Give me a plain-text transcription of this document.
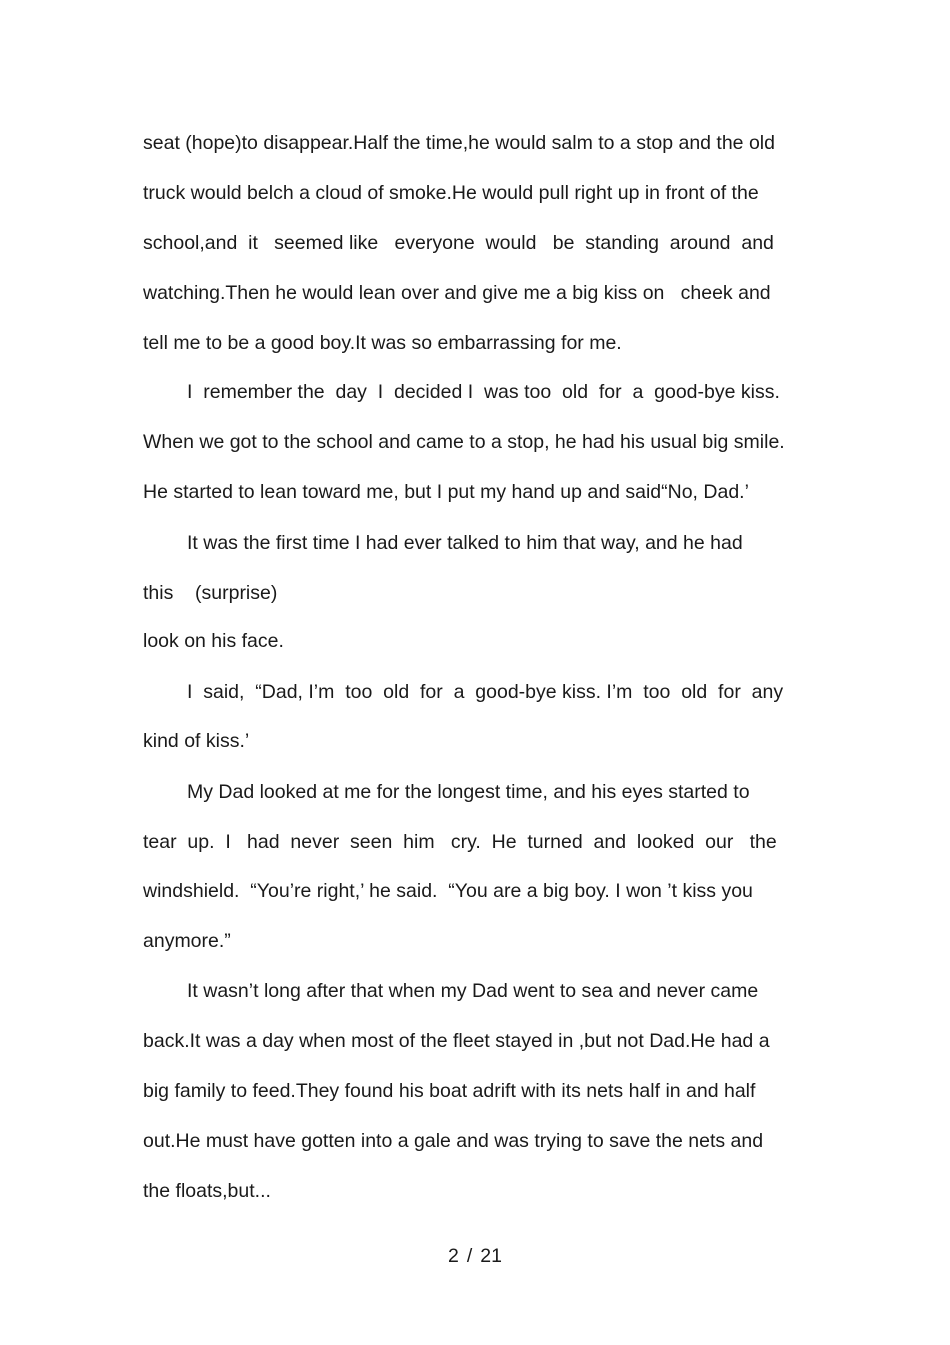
seat (hope)to disappear.Half the time,he would salm to a stop and the old
truck would belch a cloud of smoke.He would pull right up in front of the
school,and  it   seemed like   everyone  would   be  standing  around  and
watching.Then he would lean over and give me a big kiss on   cheek and
tell me to be a good boy.It was so embarrassing for me.
I  remember the  day  I  decided I  was too  old  for  a  good-bye kiss.
When we got to the school and came to a stop, he had his usual big smile.
He started to lean toward me, but I put my hand up and said“No, Dad.’
It was the first time I had ever talked to him that way, and he had
this    (surprise)
look on his face.
I  said,  “Dad, I’m  too  old  for  a  good-bye kiss. I’m  too  old  for  any
kind of kiss.’
My Dad looked at me for the longest time, and his eyes started to
tear  up.  I   had  never  seen  him   cry.  He  turned  and  looked  our   the
windshield.  “You’re right,’ he said.  “You are a big boy. I won ’t kiss you
anymore.”
It wasn’t long after that when my Dad went to sea and never came
back.It was a day when most of the fleet stayed in ,but not Dad.He had a
big family to feed.They found his boat adrift with its nets half in and half
out.He must have gotten into a gale and was trying to save the nets and
the floats,but...
2 / 21
